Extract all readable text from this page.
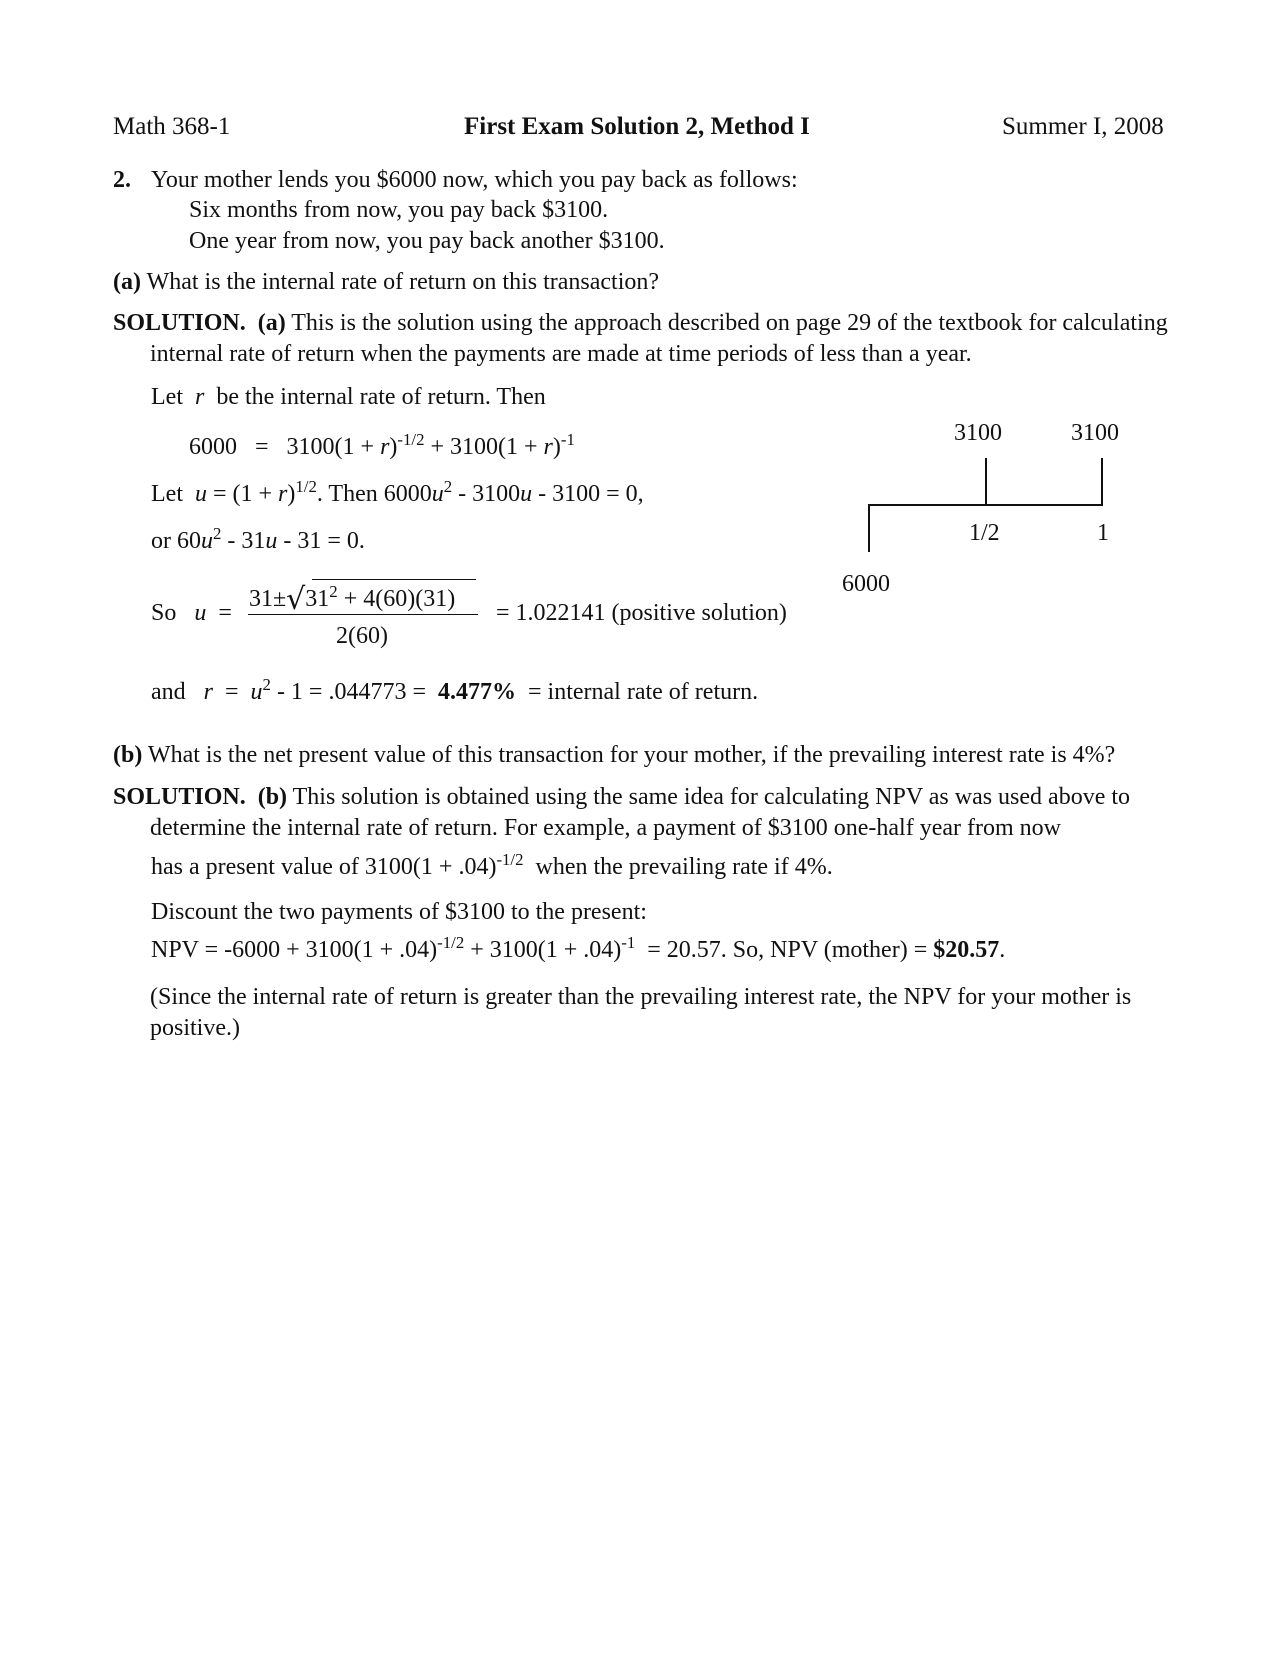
Math 368-1	First Exam Solution 2, Method I	Summer I, 2008
2. Your mother lends you $6000 now, which you pay back as follows:
Six months from now, you pay back $3100.
One year from now, you pay back another $3100.
(a) What is the internal rate of return on this transaction?
SOLUTION. (a) This is the solution using the approach described on page 29 of the textbook for calculating internal rate of return when the payments are made at time periods of less than a year.
Let r be the internal rate of return. Then
$6000 = 3100(1 + r)^{-1/2} + 3100(1 + r)^{-1}$
Let $u = (1 + r)^{1/2}$. Then $6000u^2 - 3100u - 3100 = 0$,
or $60u^2 - 31u - 31 = 0$.
So u =
$31\pm√31^2 + 4(60)(31)$
2(60)
= 1.022141 (positive solution)
and $r = u^2 - 1 = .044773 = 4.477\%$ = internal rate of return.
3100	3100
1/2	1
6000
(b) What is the net present value of this transaction for your mother, if the prevailing interest rate is 4%?
SOLUTION. (b) This solution is obtained using the same idea for calculating NPV as was used above to determine the internal rate of return. For example, a payment of $3100 one-half year from now
has a present value of $3100(1 + .04)^{-1/2}$ when the prevailing rate if 4%.
Discount the two payments of $3100 to the present:
NPV = $-6000 + 3100(1 + .04)^{-1/2} + 3100(1 + .04)^{-1} = 20.57$. So, NPV (mother) = $20.57.
(Since the internal rate of return is greater than the prevailing interest rate, the NPV for your mother is positive.)
